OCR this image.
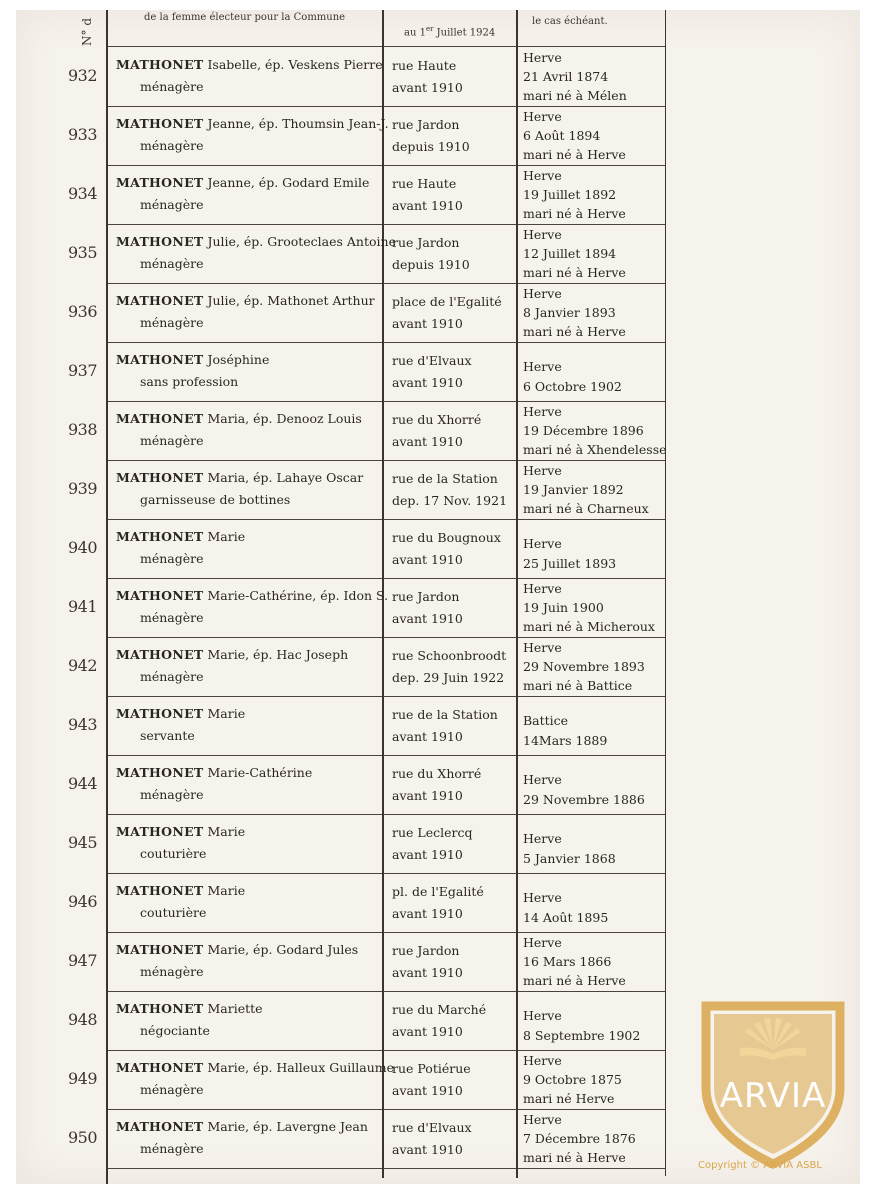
N° d
de la femme électeur pour la Commune
au 1er Juillet 1924
le cas échéant.
932
MATHONET Isabelle, ép. Veskens Pierre
ménagère
rue Haute
avant 1910
Herve
21 Avril 1874
mari né à Mélen
933
MATHONET Jeanne, ép. Thoumsin Jean-J.
ménagère
rue Jardon
depuis 1910
Herve
6 Août 1894
mari né à Herve
934
MATHONET Jeanne, ép. Godard Emile
ménagère
rue Haute
avant 1910
Herve
19 Juillet 1892
mari né à Herve
935
MATHONET Julie, ép. Grooteclaes Antoine
ménagère
rue Jardon
depuis 1910
Herve
12 Juillet 1894
mari né à Herve
936
MATHONET Julie, ép. Mathonet Arthur
ménagère
place de l'Egalité
avant 1910
Herve
8 Janvier 1893
mari né à Herve
937
MATHONET Joséphine
sans profession
rue d'Elvaux
avant 1910
Herve
6 Octobre 1902
938
MATHONET Maria, ép. Denooz Louis
ménagère
rue du Xhorré
avant 1910
Herve
19 Décembre 1896
mari né à Xhendelesse
939
MATHONET Maria, ép. Lahaye Oscar
garnisseuse de bottines
rue de la Station
dep. 17 Nov. 1921
Herve
19 Janvier 1892
mari né à Charneux
940
MATHONET Marie
ménagère
rue du Bougnoux
avant 1910
Herve
25 Juillet 1893
941
MATHONET Marie-Cathérine, ép. Idon S.
ménagère
rue Jardon
avant 1910
Herve
19 Juin 1900
mari né à Micheroux
942
MATHONET Marie, ép. Hac Joseph
ménagère
rue Schoonbroodt
dep. 29 Juin 1922
Herve
29 Novembre 1893
mari né à Battice
943
MATHONET Marie
servante
rue de la Station
avant 1910
Battice
14Mars 1889
944
MATHONET Marie-Cathérine
ménagère
rue du Xhorré
avant 1910
Herve
29 Novembre 1886
945
MATHONET Marie
couturière
rue Leclercq
avant 1910
Herve
5 Janvier 1868
946
MATHONET Marie
couturière
pl. de l'Egalité
avant 1910
Herve
14 Août 1895
947
MATHONET Marie, ép. Godard Jules
ménagère
rue Jardon
avant 1910
Herve
16 Mars 1866
mari né à Herve
948
MATHONET Mariette
négociante
rue du Marché
avant 1910
Herve
8 Septembre 1902
949
MATHONET Marie, ép. Halleux Guillaume
ménagère
rue Potiérue
avant 1910
Herve
9 Octobre 1875
mari né Herve
950
MATHONET Marie, ép. Lavergne Jean
ménagère
rue d'Elvaux
avant 1910
Herve
7 Décembre 1876
mari né à Herve
ARVIA
Copyright © ARVIA ASBL
